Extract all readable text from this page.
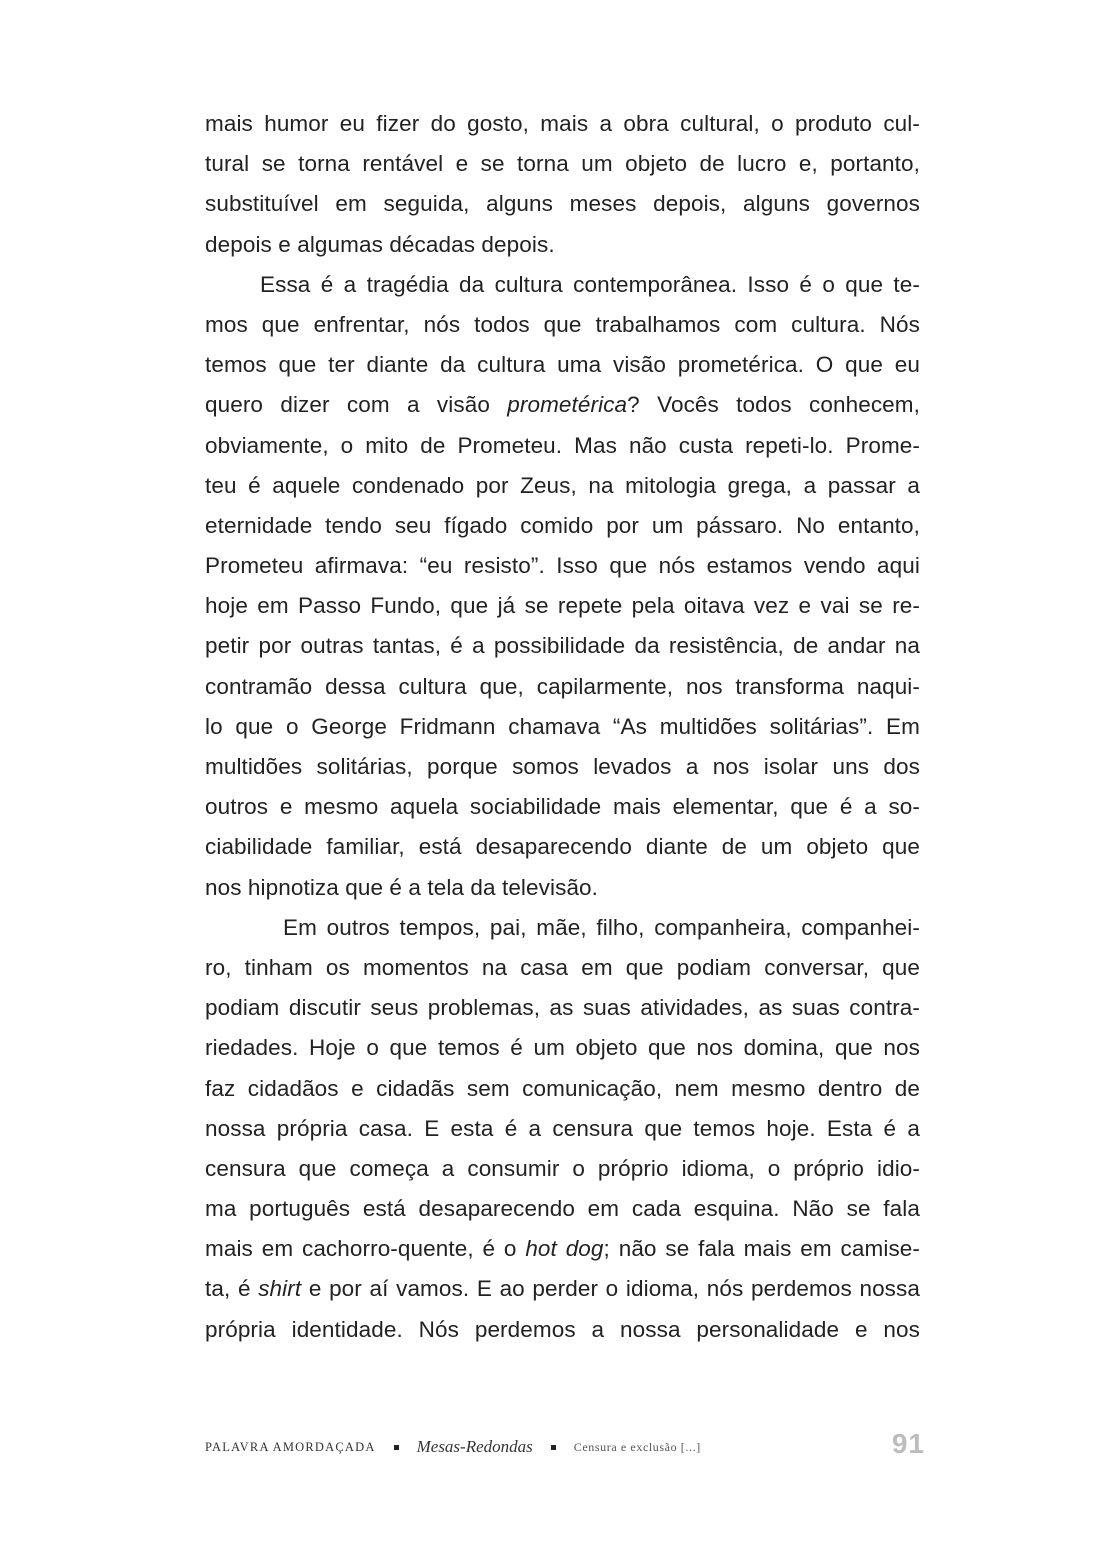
mais humor eu fizer do gosto, mais a obra cultural, o produto cul-
tural se torna rentável e se torna um objeto de lucro e, portanto,
substituível em seguida, alguns meses depois, alguns governos
depois e algumas décadas depois.
Essa é a tragédia da cultura contemporânea. Isso é o que te-
mos que enfrentar, nós todos que trabalhamos com cultura. Nós
temos que ter diante da cultura uma visão prometérica. O que eu
quero dizer com a visão prometérica? Vocês todos conhecem,
obviamente, o mito de Prometeu. Mas não custa repeti-lo. Prome-
teu é aquele condenado por Zeus, na mitologia grega, a passar a
eternidade tendo seu fígado comido por um pássaro. No entanto,
Prometeu afirmava: “eu resisto”. Isso que nós estamos vendo aqui
hoje em Passo Fundo, que já se repete pela oitava vez e vai se re-
petir por outras tantas, é a possibilidade da resistência, de andar na
contramão dessa cultura que, capilarmente, nos transforma naqui-
lo que o George Fridmann chamava “As multidões solitárias”. Em
multidões solitárias, porque somos levados a nos isolar uns dos
outros e mesmo aquela sociabilidade mais elementar, que é a so-
ciabilidade familiar, está desaparecendo diante de um objeto que
nos hipnotiza que é a tela da televisão.
Em outros tempos, pai, mãe, filho, companheira, companhei-
ro, tinham os momentos na casa em que podiam conversar, que
podiam discutir seus problemas, as suas atividades, as suas contra-
riedades. Hoje o que temos é um objeto que nos domina, que nos
faz cidadãos e cidadãs sem comunicação, nem mesmo dentro de
nossa própria casa. E esta é a censura que temos hoje. Esta é a
censura que começa a consumir o próprio idioma, o próprio idio-
ma português está desaparecendo em cada esquina. Não se fala
mais em cachorro-quente, é o hot dog; não se fala mais em camise-
ta, é shirt e por aí vamos. E ao perder o idioma, nós perdemos nossa
própria identidade. Nós perdemos a nossa personalidade e nos
PALAVRA AMORDAÇADA Mesas-Redondas	Censura e exclusão [...]	91
